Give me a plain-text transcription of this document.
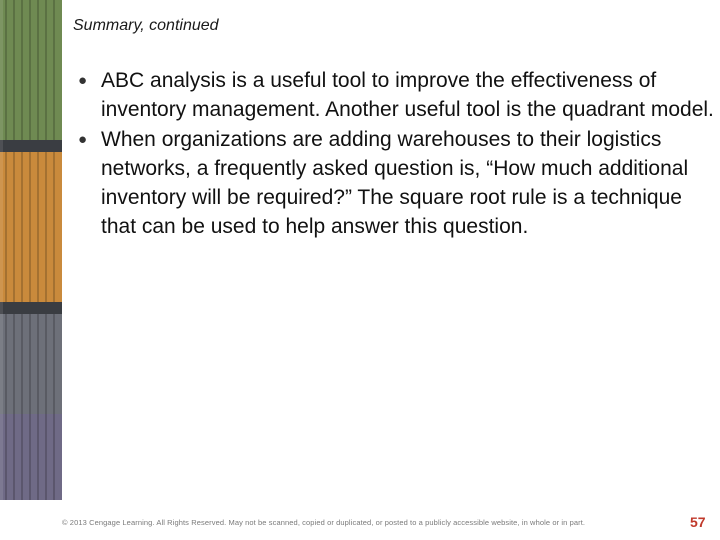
Summary, continued
● ABC analysis is a useful tool to improve the effectiveness of inventory management. Another useful tool is the quadrant model.
● When organizations are adding warehouses to their logistics networks, a frequently asked question is, “How much additional inventory will be required?” The square root rule is a technique that can be used to help answer this question.
© 2013 Cengage Learning. All Rights Reserved. May not be scanned, copied or duplicated, or posted to a publicly accessible website, in whole or in part.	57
